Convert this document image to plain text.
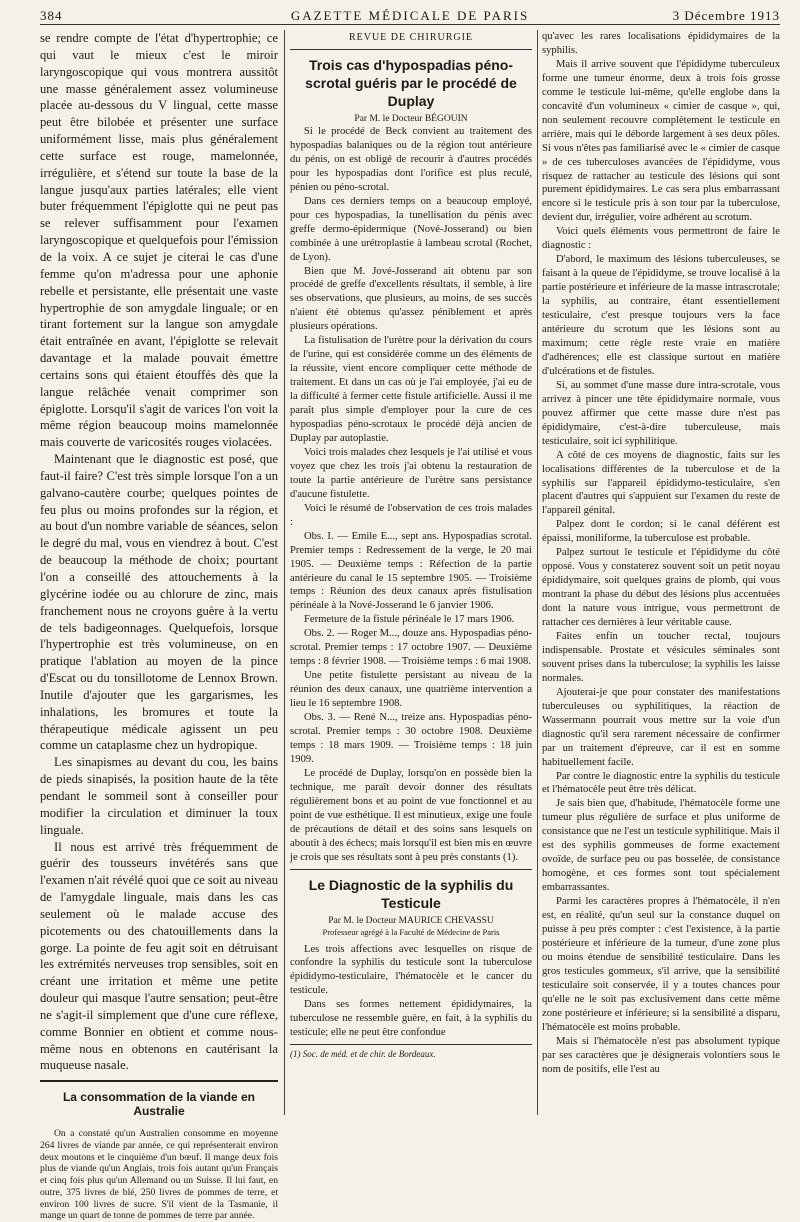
384	GAZETTE MÉDICALE DE PARIS	3 Décembre 1913

se rendre compte de l'état d'hypertrophie; ce qui vaut le mieux c'est le miroir laryngoscopique qui vous montrera aussitôt une masse généralement assez volumineuse placée au-dessous du V lingual, cette masse peut être bilobée et présenter une surface uniformément lisse, mais plus généralement cette surface est rouge, mamelonnée, irrégulière, et s'étend sur toute la base de la langue jusqu'aux parties latérales; elle vient buter fréquemment l'épiglotte qui ne peut pas se relever suffisamment pour l'examen laryngoscopique et quelquefois pour l'émission de la voix. A ce sujet je citerai le cas d'une femme qu'on m'adressa pour une aphonie rebelle et persistante, elle présentait une vaste hypertrophie de son amygdale linguale; or en tirant fortement sur la langue son amygdale était entraînée en avant, l'épiglotte se relevait davantage et la malade pouvait émettre certains sons qui étaient étouffés dès que la langue relâchée venait comprimer son épiglotte. Lorsqu'il s'agit de varices l'on voit la même région beaucoup moins mamelonnée mais couverte de varicosités rouges violacées.

Maintenant que le diagnostic est posé, que faut-il faire? C'est très simple lorsque l'on a un galvano-cautère courbe; quelques pointes de feu plus ou moins profondes sur la région, et au bout d'un nombre variable de séances, selon le degré du mal, vous en viendrez à bout. C'est de beaucoup la méthode de choix; pourtant l'on a conseillé des attouchements à la glycérine iodée ou au chlorure de zinc, mais franchement nous ne croyons guère à la vertu de tels badigeonnages. Quelquefois, lorsque l'hypertrophie est très volumineuse, on en pratique l'ablation au moyen de la pince d'Escat ou du tonsillotome de Lennox Brown. Inutile d'ajouter que les gargarismes, les inhalations, les bromures et toute la thérapeutique médicale agissent un peu comme un cataplasme chez un hydropique.

Les sinapismes au devant du cou, les bains de pieds sinapisés, la position haute de la tête pendant le sommeil sont à conseiller pour modifier la circulation et diminuer la toux linguale.

Il nous est arrivé très fréquemment de guérir des tousseurs invétérés sans que l'examen n'ait révélé quoi que ce soit au niveau de l'amygdale linguale, mais dans les cas seulement où le malade accuse des picotements ou des chatouillements dans la gorge. La pointe de feu agit soit en détruisant les extrémités nerveuses trop sensibles, soit en créant une irritation et même une petite douleur qui masque l'autre sensation; peut-être ne s'agit-il simplement que d'une cure réflexe, comme Bonnier en obtient et comme nous-même nous en obtenons en cautérisant la muqueuse nasale.

La consommation de la viande en Australie

On a constaté qu'un Australien consomme en moyenne 264 livres de viande par année, ce qui représenterait environ deux moutons et le cinquième d'un bœuf. Il mange deux fois plus de viande qu'un Anglais, trois fois autant qu'un Français et cinq fois plus qu'un Allemand ou un Suisse. Il lui faut, en outre, 375 livres de blé, 250 livres de pommes de terre, et environ 100 livres de sucre. S'il vient de la Tasmanie, il mange un quart de tonne de pommes de terre par année.

REVUE DE CHIRURGIE
Trois cas d'hypospadias péno-scrotal guéris par le procédé de Duplay
Par M. le Docteur BÉGOUIN

Si le procédé de Beck convient au traitement des hypospadias balaniques ou de la région tout antérieure du pénis, on est obligé de recourir à d'autres procédés pour les hypospadias dont l'orifice est plus reculé, pénien ou péno-scrotal.

Dans ces derniers temps on a beaucoup employé, pour ces hypospadias, la tunellisation du pénis avec greffe dermo-épidermique (Nové-Josserand) ou bien combinée à une urétroplastie à lambeau scrotal (Rochet, de Lyon).

Bien que M. Jové-Josserand ait obtenu par son procédé de greffe d'excellents résultats, il semble, à lire ses observations, que plusieurs, au moins, de ses succès n'aient été obtenus qu'assez péniblement et après plusieurs opérations.

La fistulisation de l'urètre pour la dérivation du cours de l'urine, qui est considérée comme un des éléments de la réussite, vient encore compliquer cette méthode de traitement. Et dans un cas où je l'ai employée, j'ai eu de la difficulté à fermer cette fistule artificielle. Aussi il me paraît plus simple d'employer pour la cure de ces hypospadias péno-scrotaux le procédé déjà ancien de Duplay par autoplastie.

Voici trois malades chez lesquels je l'ai utilisé et vous voyez que chez les trois j'ai obtenu la restauration de toute la partie antérieure de l'urètre sans persistance d'aucune fistulette.

Voici le résumé de l'observation de ces trois malades :

Obs. I. — Emile E..., sept ans. Hypospadias scrotal. Premier temps : Redressement de la verge, le 20 mai 1905. — Deuxième temps : Réfection de la partie antérieure du canal le 15 septembre 1905. — Troisième temps : Réunion des deux canaux après fistulisation périnéale à la Nové-Josserand le 6 janvier 1906.

Fermeture de la fistule périnéale le 17 mars 1906.

Obs. 2. — Roger M..., douze ans. Hypospadias péno-scrotal. Premier temps : 17 octobre 1907. — Deuxième temps : 8 février 1908. — Troisième temps : 6 mai 1908.

Une petite fistulette persistant au niveau de la réunion des deux canaux, une quatrième intervention a lieu le 16 septembre 1908.

Obs. 3. — René N..., treize ans. Hypospadias péno-scrotal. Premier temps : 30 octobre 1908. Deuxième temps : 18 mars 1909. — Troisième temps : 18 juin 1909.

Le procédé de Duplay, lorsqu'on en possède bien la technique, me paraît devoir donner des résultats régulièrement bons et au point de vue fonctionnel et au point de vue esthétique. Il est minutieux, exige une foule de précautions de détail et des soins sans lesquels on aboutit à des échecs; mais lorsqu'il est bien mis en œuvre je crois que ses résultats sont à peu près constants (1).

Le Diagnostic de la syphilis du Testicule
Par M. le Docteur MAURICE CHEVASSU
Professeur agrégé à la Faculté de Médecine de Paris

Les trois affections avec lesquelles on risque de confondre la syphilis du testicule sont la tuberculose épididymo-testiculaire, l'hématocèle et le cancer du testicule.

Dans ses formes nettement épididymaires, la tuberculose ne ressemble guère, en fait, à la syphilis du testicule; elle ne peut être confondue

(1) Soc. de méd. et de chir. de Bordeaux.

qu'avec les rares localisations épididymaires de la syphilis.

Mais il arrive souvent que l'épididyme tuberculeux forme une tumeur énorme, deux à trois fois grosse comme le testicule lui-même, qu'elle englobe dans la concavité d'un volumineux « cimier de casque », qui, non seulement recouvre complètement le testicule en arrière, mais qui le déborde largement à ses deux pôles. Si vous n'êtes pas familiarisé avec le « cimier de casque » de ces tuberculoses avancées de l'épididyme, vous risquez de rattacher au testicule des lésions qui sont purement épididymaires. Le cas sera plus embarrassant encore si le testicule pris à son tour par la tuberculose, devient dur, irrégulier, voire adhérent au scrotum.

Voici quels éléments vous permettront de faire le diagnostic :

D'abord, le maximum des lésions tuberculeuses, se faisant à la queue de l'épididyme, se trouve localisé à la partie postérieure et inférieure de la masse intrascrotale; la syphilis, au contraire, étant essentiellement testiculaire, c'est presque toujours vers la face antérieure du scrotum que les lésions sont au maximum; cette règle reste vraie en matière d'adhérences; elle est classique surtout en matière d'ulcérations et de fistules.

Si, au sommet d'une masse dure intra-scrotale, vous arrivez à pincer une tête épididymaire normale, vous pouvez affirmer que cette masse dure n'est pas épididymaire, c'est-à-dire tuberculeuse, mais testiculaire, soit ici syphilitique.

A côté de ces moyens de diagnostic, faits sur les localisations différentes de la tuberculose et de la syphilis sur l'appareil épididymo-testiculaire, s'en placent d'autres qui s'appuient sur l'examen du reste de l'appareil génital.

Palpez dont le cordon; si le canal déférent est épaissi, moniliforme, la tuberculose est probable.

Palpez surtout le testicule et l'épididyme du côté opposé. Vous y constaterez souvent soit un petit noyau épididymaire, soit quelques grains de plomb, qui vous montrant la phase du début des lésions plus accentuées dont la nature vous intrigue, vous permettront de rattacher ces dernières à leur véritable cause.

Faites enfin un toucher rectal, toujours indispensable. Prostate et vésicules séminales sont souvent prises dans la tuberculose; la syphilis les laisse normales.

Ajouterai-je que pour constater des manifestations tuberculeuses ou syphilitiques, la réaction de Wassermann pourrait vous mettre sur la voie d'un diagnostic qu'il sera rarement nécessaire de confirmer par un traitement d'épreuve, car il est en somme habituellement facile.

Par contre le diagnostic entre la syphilis du testicule et l'hématocèle peut être très délicat.

Je sais bien que, d'habitude, l'hématocèle forme une tumeur plus régulière de surface et plus uniforme de consistance que ne l'est un testicule syphilitique. Mais il est des syphilis gommeuses de forme exactement ovoïde, de surface peu ou pas bosselée, de consistance homogène, et ces formes sont tout spécialement embarrassantes.

Parmi les caractères propres à l'hématocèle, il n'en est, en réalité, qu'un seul sur la constance duquel on puisse à peu près compter : c'est l'existence, à la partie postérieure et inférieure de la tumeur, d'une zone plus ou moins étendue de sensibilité testiculaire. Dans les gros testicules gommeux, s'il arrive, que la sensibilité testiculaire soit conservée, il y a toutes chances pour qu'elle ne le soit pas exclusivement dans cette même zone postérieure et inférieure; si la sensibilité a disparu, l'hématocèle est moins probable.

Mais si l'hématocèle n'est pas absolument typique par ses caractères que je désignerais volontiers sous le nom de positifs, elle l'est au
